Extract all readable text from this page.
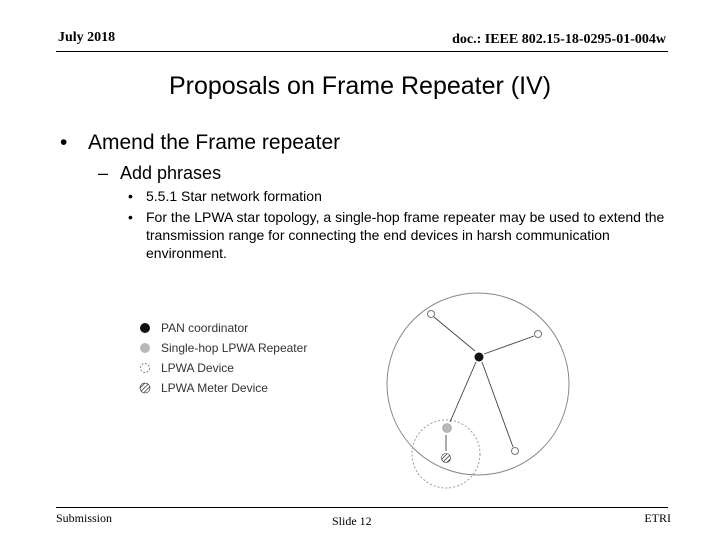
July 2018	doc.: IEEE 802.15-18-0295-01-004w
Proposals on Frame Repeater (IV)
• Amend the Frame repeater
– Add phrases
• 5.5.1 Star network formation
• For the LPWA star topology, a single-hop frame repeater may be used to extend the transmission range for connecting the end devices in harsh communication environment.
PAN coordinator
Single-hop LPWA Repeater
LPWA Device
LPWA Meter Device
Submission	Slide 12	ETRI
